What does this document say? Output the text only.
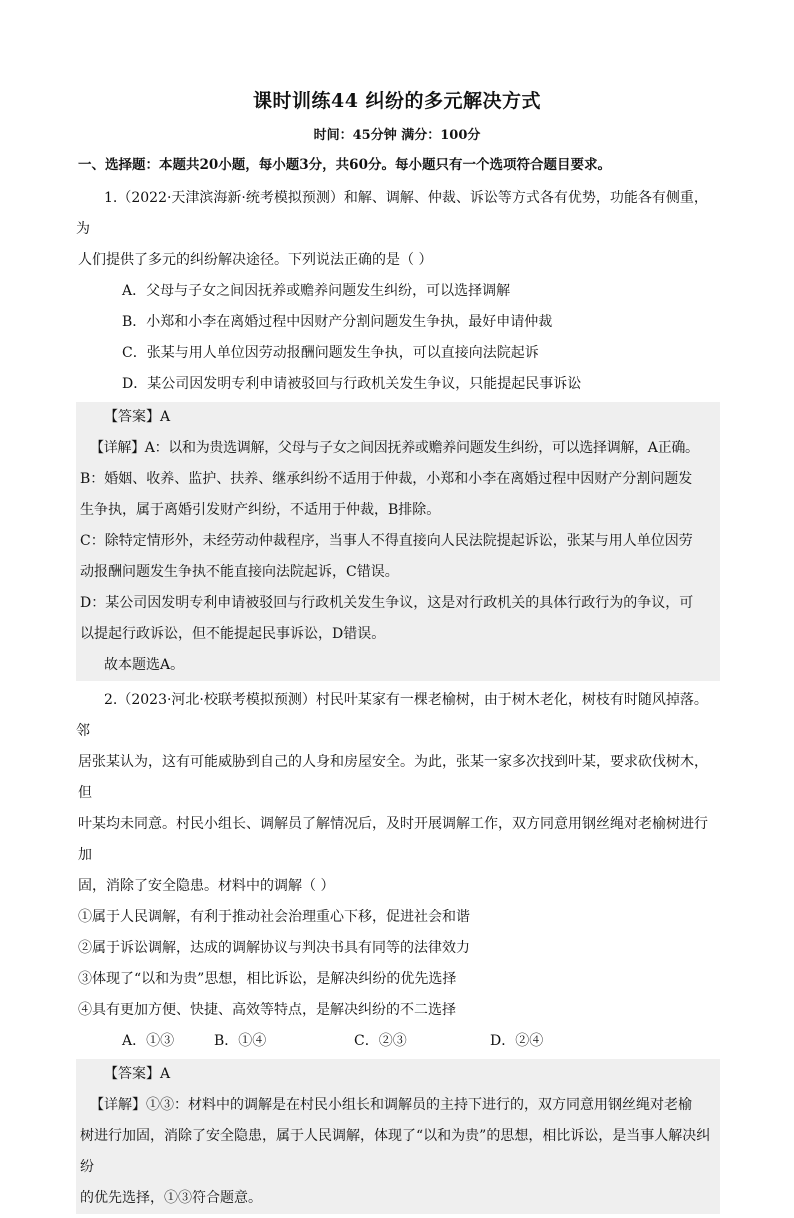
课时训练44 纠纷的多元解决方式
时间：45分钟 满分：100分
一、选择题：本题共20小题，每小题3分，共60分。每小题只有一个选项符合题目要求。

1.（2022·天津滨海新·统考模拟预测）和解、调解、仲裁、诉讼等方式各有优势，功能各有侧重，为

人们提供了多元的纠纷解决途径。下列说法正确的是（ ）

A．父母与子女之间因抚养或赡养问题发生纠纷，可以选择调解

B．小郑和小李在离婚过程中因财产分割问题发生争执，最好申请仲裁

C．张某与用人单位因劳动报酬问题发生争执，可以直接向法院起诉

D．某公司因发明专利申请被驳回与行政机关发生争议，只能提起民事诉讼

【答案】A

【详解】A：以和为贵选调解，父母与子女之间因抚养或赡养问题发生纠纷，可以选择调解，A正确。

B：婚姻、收养、监护、扶养、继承纠纷不适用于仲裁，小郑和小李在离婚过程中因财产分割问题发

生争执，属于离婚引发财产纠纷，不适用于仲裁，B排除。

C：除特定情形外，未经劳动仲裁程序，当事人不得直接向人民法院提起诉讼，张某与用人单位因劳

动报酬问题发生争执不能直接向法院起诉，C错误。

D：某公司因发明专利申请被驳回与行政机关发生争议，这是对行政机关的具体行政行为的争议，可

以提起行政诉讼，但不能提起民事诉讼，D错误。

故本题选A。

2.（2023·河北·校联考模拟预测）村民叶某家有一棵老榆树，由于树木老化，树枝有时随风掉落。邻

居张某认为，这有可能威胁到自己的人身和房屋安全。为此，张某一家多次找到叶某，要求砍伐树木，但

叶某均未同意。村民小组长、调解员了解情况后，及时开展调解工作，双方同意用钢丝绳对老榆树进行加

固，消除了安全隐患。材料中的调解（ ）

①属于人民调解，有利于推动社会治理重心下移，促进社会和谐

②属于诉讼调解，达成的调解协议与判决书具有同等的法律效力

③体现了“以和为贵”思想，相比诉讼，是解决纠纷的优先选择

④具有更加方便、快捷、高效等特点，是解决纠纷的不二选择

A．①③	B．①④	C．②③	D．②④

【答案】A

【详解】①③：材料中的调解是在村民小组长和调解员的主持下进行的，双方同意用钢丝绳对老榆

树进行加固，消除了安全隐患，属于人民调解，体现了“以和为贵”的思想，相比诉讼，是当事人解决纠纷

的优先选择，①③符合题意。
